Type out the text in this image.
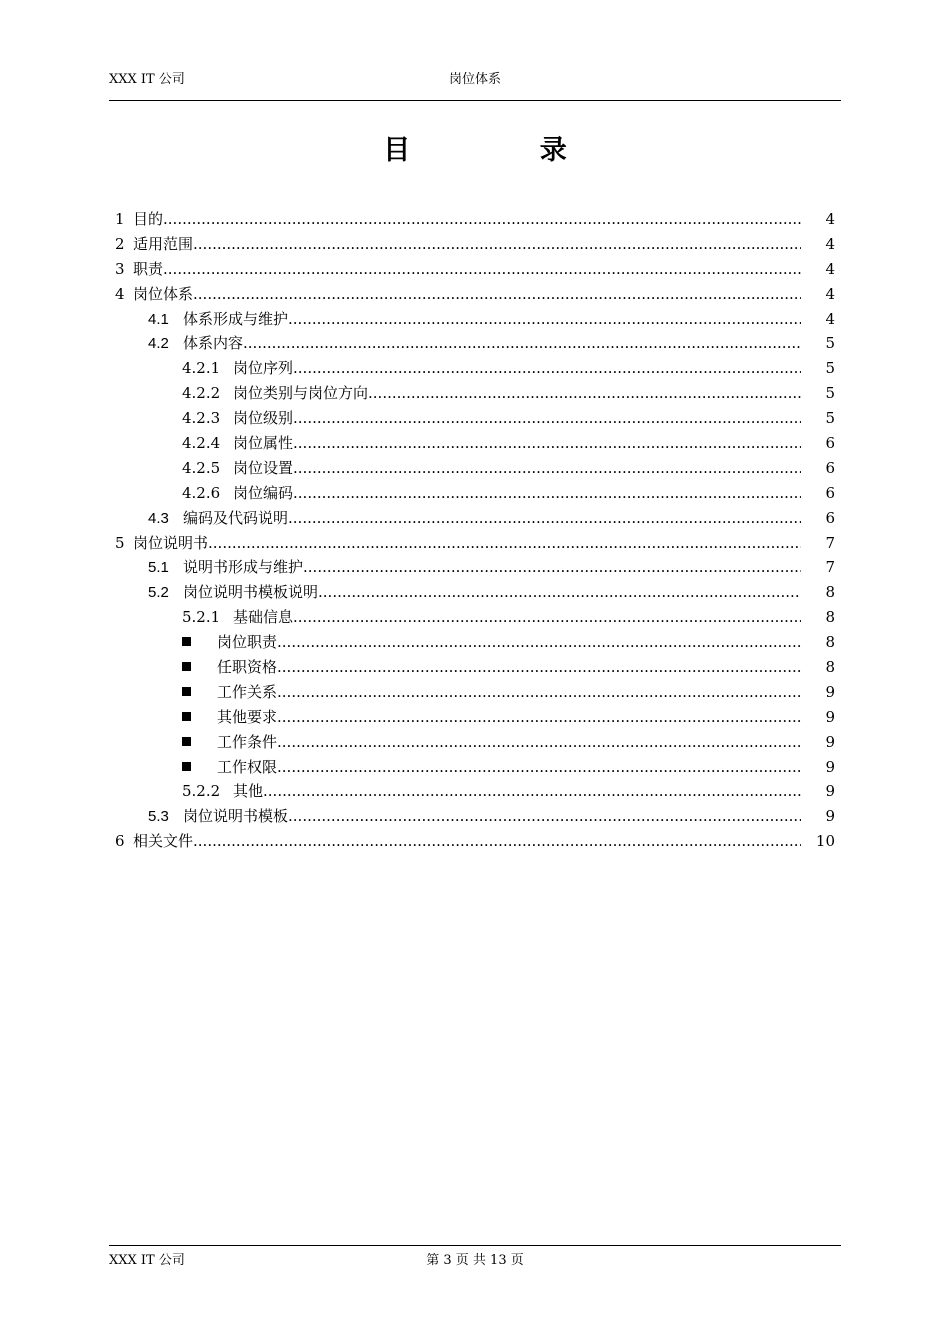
XXX IT 公司	岗位体系
目 录
1 目的 .....	4
2 适用范围 .....	4
3 职责 .....	4
4 岗位体系 .....	4
4.1 体系形成与维护 .....	4
4.2 体系内容 .....	5
4.2.1 岗位序列 .....	5
4.2.2 岗位类别与岗位方向 .....	5
4.2.3 岗位级别 .....	5
4.2.4 岗位属性 .....	6
4.2.5 岗位设置 .....	6
4.2.6 岗位编码 .....	6
4.3 编码及代码说明 .....	6
5 岗位说明书 .....	7
5.1 说明书形成与维护 .....	7
5.2 岗位说明书模板说明 .....	8
5.2.1 基础信息 .....	8
岗位职责 .....	8
任职资格 .....	8
工作关系 .....	9
其他要求 .....	9
工作条件 .....	9
工作权限 .....	9
5.2.2 其他 .....	9
5.3 岗位说明书模板 .....	9
6 相关文件 .....	10
XXX IT 公司	第 3 页 共 13 页
